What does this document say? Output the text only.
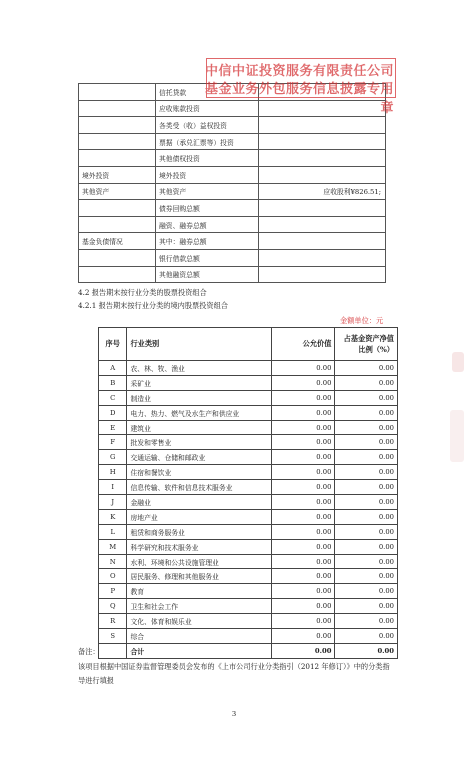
	信托贷款	
	应收账款投资	
	各类受（收）益权投资	
	票据（承兑汇票等）投资	
	其他债权投资	
境外投资	境外投资	
其他资产	其他资产	应收股利¥826.51;
	债券回购总额	
	融资、融券总额	
基金负债情况	其中：融券总额	
	银行借款总额	
	其他融资总额	
中信中证投资服务有限责任公司
基金业务外包服务信息披露专用章
4.2 报告期末按行业分类的股票投资组合
4.2.1 报告期末按行业分类的境内股票投资组合
金额单位：元
序号	行业类别	公允价值	占基金资产净值比例（%）
A	农、林、牧、渔业	0.00	0.00
B	采矿业	0.00	0.00
C	制造业	0.00	0.00
D	电力、热力、燃气及水生产和供应业	0.00	0.00
E	建筑业	0.00	0.00
F	批发和零售业	0.00	0.00
G	交通运输、仓储和邮政业	0.00	0.00
H	住宿和餐饮业	0.00	0.00
I	信息传输、软件和信息技术服务业	0.00	0.00
J	金融业	0.00	0.00
K	房地产业	0.00	0.00
L	租赁和商务服务业	0.00	0.00
M	科学研究和技术服务业	0.00	0.00
N	水利、环境和公共设施管理业	0.00	0.00
O	居民服务、修理和其他服务业	0.00	0.00
P	教育	0.00	0.00
Q	卫生和社会工作	0.00	0.00
R	文化、体育和娱乐业	0.00	0.00
S	综合	0.00	0.00
	合计	0.00	0.00
备注：
该项目根据中国证券监督管理委员会发布的《上市公司行业分类指引（2012 年修订）》中的分类指导进行填报
3
